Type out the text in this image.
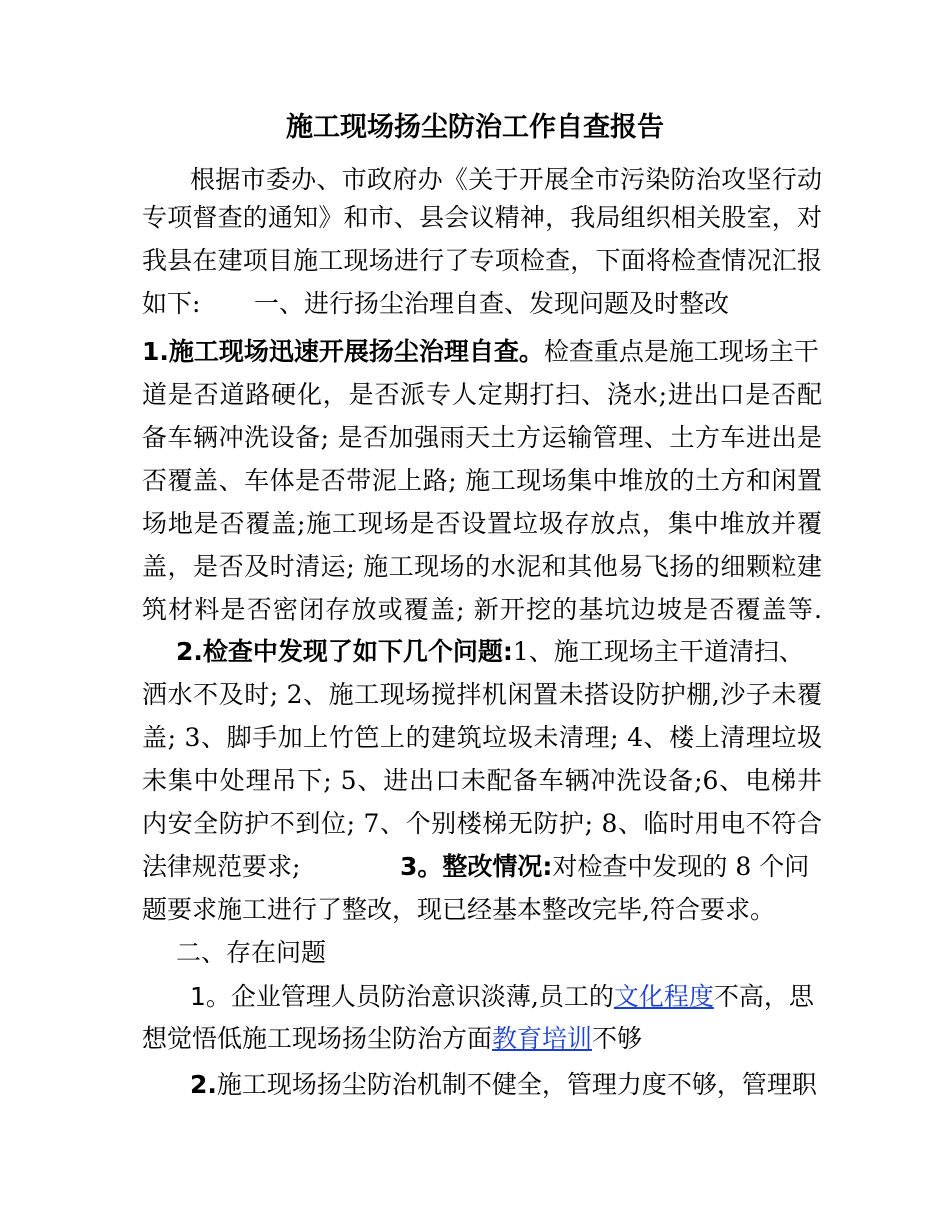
施工现场扬尘防治工作自查报告
根据市委办、市政府办《关于开展全市污染防治攻坚行动
专项督查的通知》和市、县会议精神，我局组织相关股室，对
我县在建项目施工现场进行了专项检查，下面将检查情况汇报
如下: 一、进行扬尘治理自查、发现问题及时整改
1.施工现场迅速开展扬尘治理自查。检查重点是施工现场主干
道是否道路硬化，是否派专人定期打扫、浇水;进出口是否配
备车辆冲洗设备; 是否加强雨天土方运输管理、土方车进出是
否覆盖、车体是否带泥上路; 施工现场集中堆放的土方和闲置
场地是否覆盖;施工现场是否设置垃圾存放点，集中堆放并覆
盖，是否及时清运; 施工现场的水泥和其他易飞扬的细颗粒建
筑材料是否密闭存放或覆盖; 新开挖的基坑边坡是否覆盖等.
2.检查中发现了如下几个问题:1、施工现场主干道清扫、
洒水不及时; 2、施工现场搅拌机闲置未搭设防护棚,沙子未覆
盖; 3、脚手加上竹笆上的建筑垃圾未清理; 4、楼上清理垃圾
未集中处理吊下; 5、进出口未配备车辆冲洗设备;6、电梯井
内安全防护不到位; 7、个别楼梯无防护; 8、临时用电不符合
法律规范要求;	3。整改情况:对检查中发现的 8 个问
题要求施工进行了整改，现已经基本整改完毕,符合要求。
二、存在问题
1。企业管理人员防治意识淡薄,员工的文化程度不高，思
想觉悟低施工现场扬尘防治方面教育培训不够
2.施工现场扬尘防治机制不健全，管理力度不够，管理职
